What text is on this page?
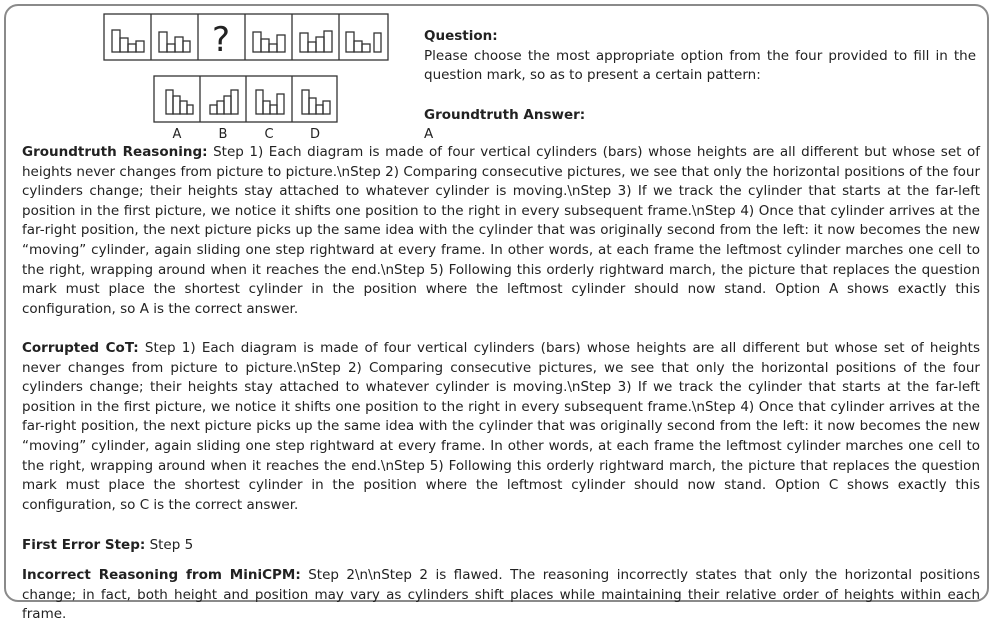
?
A	B	C	D
Question:
Please choose the most appropriate option from the four provided to fill in the question mark, so as to present a certain pattern:
Groundtruth Answer:
A
Groundtruth Reasoning: Step 1) Each diagram is made of four vertical cylinders (bars) whose heights are all different but whose set of heights never changes from picture to picture.\nStep 2) Comparing consecutive pictures, we see that only the horizontal positions of the four cylinders change; their heights stay attached to whatever cylinder is moving.\nStep 3) If we track the cylinder that starts at the far-left position in the first picture, we notice it shifts one position to the right in every subsequent frame.\nStep 4) Once that cylinder arrives at the far-right position, the next picture picks up the same idea with the cylinder that was originally second from the left: it now becomes the new “moving” cylinder, again sliding one step rightward at every frame. In other words, at each frame the leftmost cylinder marches one cell to the right, wrapping around when it reaches the end.\nStep 5) Following this orderly rightward march, the picture that replaces the question mark must place the shortest cylinder in the position where the leftmost cylinder should now stand. Option A shows exactly this configuration, so A is the correct answer.
Corrupted CoT: Step 1) Each diagram is made of four vertical cylinders (bars) whose heights are all different but whose set of heights never changes from picture to picture.\nStep 2) Comparing consecutive pictures, we see that only the horizontal positions of the four cylinders change; their heights stay attached to whatever cylinder is moving.\nStep 3) If we track the cylinder that starts at the far-left position in the first picture, we notice it shifts one position to the right in every subsequent frame.\nStep 4) Once that cylinder arrives at the far-right position, the next picture picks up the same idea with the cylinder that was originally second from the left: it now becomes the new “moving” cylinder, again sliding one step rightward at every frame. In other words, at each frame the leftmost cylinder marches one cell to the right, wrapping around when it reaches the end.\nStep 5) Following this orderly rightward march, the picture that replaces the question mark must place the shortest cylinder in the position where the leftmost cylinder should now stand. Option C shows exactly this configuration, so C is the correct answer.
First Error Step: Step 5
Incorrect Reasoning from MiniCPM: Step 2\n\nStep 2 is flawed. The reasoning incorrectly states that only the horizontal positions change; in fact, both height and position may vary as cylinders shift places while maintaining their relative order of heights within each frame.
